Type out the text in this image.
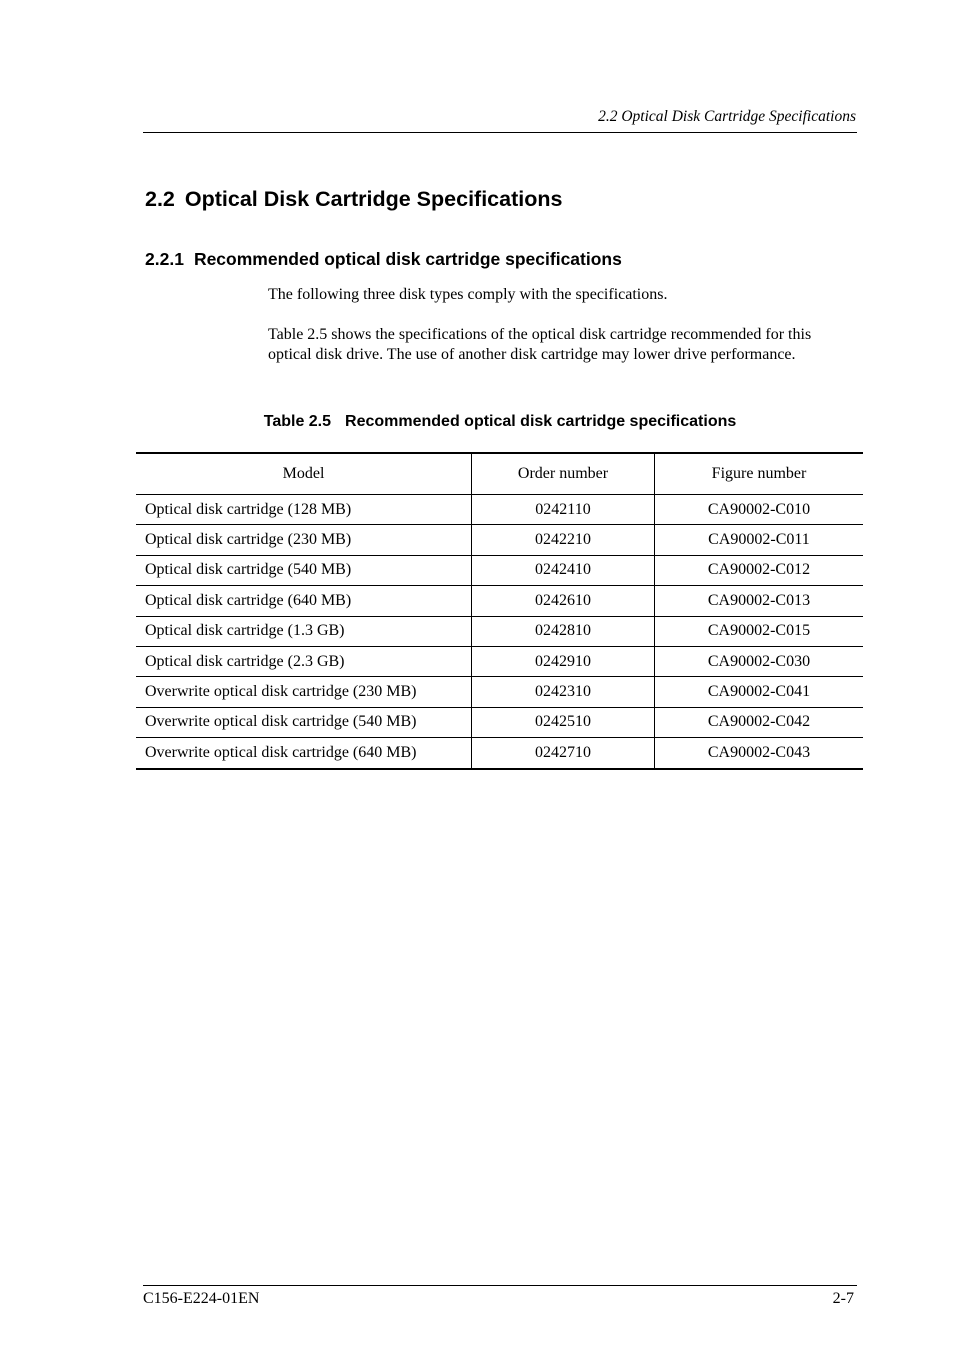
2.2 Optical Disk Cartridge Specifications
2.2 Optical Disk Cartridge Specifications
2.2.1 Recommended optical disk cartridge specifications

The following three disk types comply with the specifications.

Table 2.5 shows the specifications of the optical disk cartridge recommended for this optical disk drive. The use of another disk cartridge may lower drive performance.

Table 2.5 Recommended optical disk cartridge specifications
Model	Order number	Figure number
Optical disk cartridge (128 MB)	0242110	CA90002-C010
Optical disk cartridge (230 MB)	0242210	CA90002-C011
Optical disk cartridge (540 MB)	0242410	CA90002-C012
Optical disk cartridge (640 MB)	0242610	CA90002-C013
Optical disk cartridge (1.3 GB)	0242810	CA90002-C015
Optical disk cartridge (2.3 GB)	0242910	CA90002-C030
Overwrite optical disk cartridge (230 MB)	0242310	CA90002-C041
Overwrite optical disk cartridge (540 MB)	0242510	CA90002-C042
Overwrite optical disk cartridge (640 MB)	0242710	CA90002-C043
C156-E224-01EN	2-7
